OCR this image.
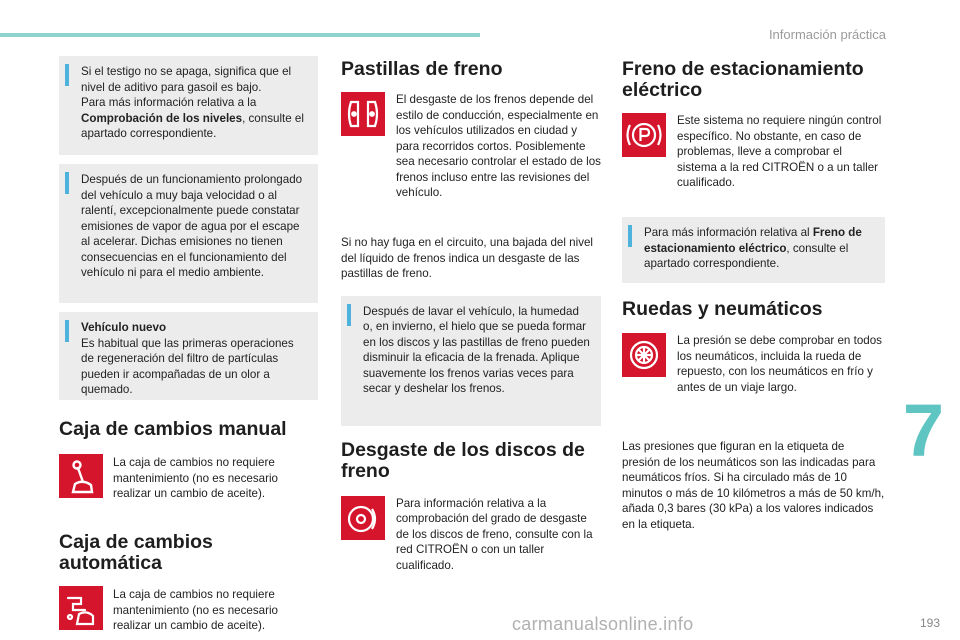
Información práctica
Si el testigo no se apaga, significa que el nivel de aditivo para gasoil es bajo.
Para más información relativa a la Comprobación de los niveles, consulte el apartado correspondiente.
Después de un funcionamiento prolongado del vehículo a muy baja velocidad o al ralentí, excepcionalmente puede constatar emisiones de vapor de agua por el escape al acelerar. Dichas emisiones no tienen consecuencias en el funcionamiento del vehículo ni para el medio ambiente.
Vehículo nuevo
Es habitual que las primeras operaciones de regeneración del filtro de partículas pueden ir acompañadas de un olor a quemado.
Caja de cambios manual
La caja de cambios no requiere mantenimiento (no es necesario realizar un cambio de aceite).
Caja de cambios automática
La caja de cambios no requiere mantenimiento (no es necesario realizar un cambio de aceite).
Pastillas de freno
El desgaste de los frenos depende del estilo de conducción, especialmente en los vehículos utilizados en ciudad y para recorridos cortos. Posiblemente sea necesario controlar el estado de los frenos incluso entre las revisiones del vehículo.
Si no hay fuga en el circuito, una bajada del nivel del líquido de frenos indica un desgaste de las pastillas de freno.
Después de lavar el vehículo, la humedad o, en invierno, el hielo que se pueda formar en los discos y las pastillas de freno pueden disminuir la eficacia de la frenada. Aplique suavemente los frenos varias veces para secar y deshelar los frenos.
Desgaste de los discos de freno
Para información relativa a la comprobación del grado de desgaste de los discos de freno, consulte con la red CITROËN o con un taller cualificado.
Freno de estacionamiento eléctrico
Este sistema no requiere ningún control específico. No obstante, en caso de problemas, lleve a comprobar el sistema a la red CITROËN o a un taller cualificado.
Para más información relativa al Freno de estacionamiento eléctrico, consulte el apartado correspondiente.
Ruedas y neumáticos
La presión se debe comprobar en todos los neumáticos, incluida la rueda de repuesto, con los neumáticos en frío y antes de un viaje largo.
Las presiones que figuran en la etiqueta de presión de los neumáticos son las indicadas para neumáticos fríos. Si ha circulado más de 10 minutos o más de 10 kilómetros a más de 50 km/h, añada 0,3 bares (30 kPa) a los valores indicados en la etiqueta.
7
193
carmanualsonline.info
